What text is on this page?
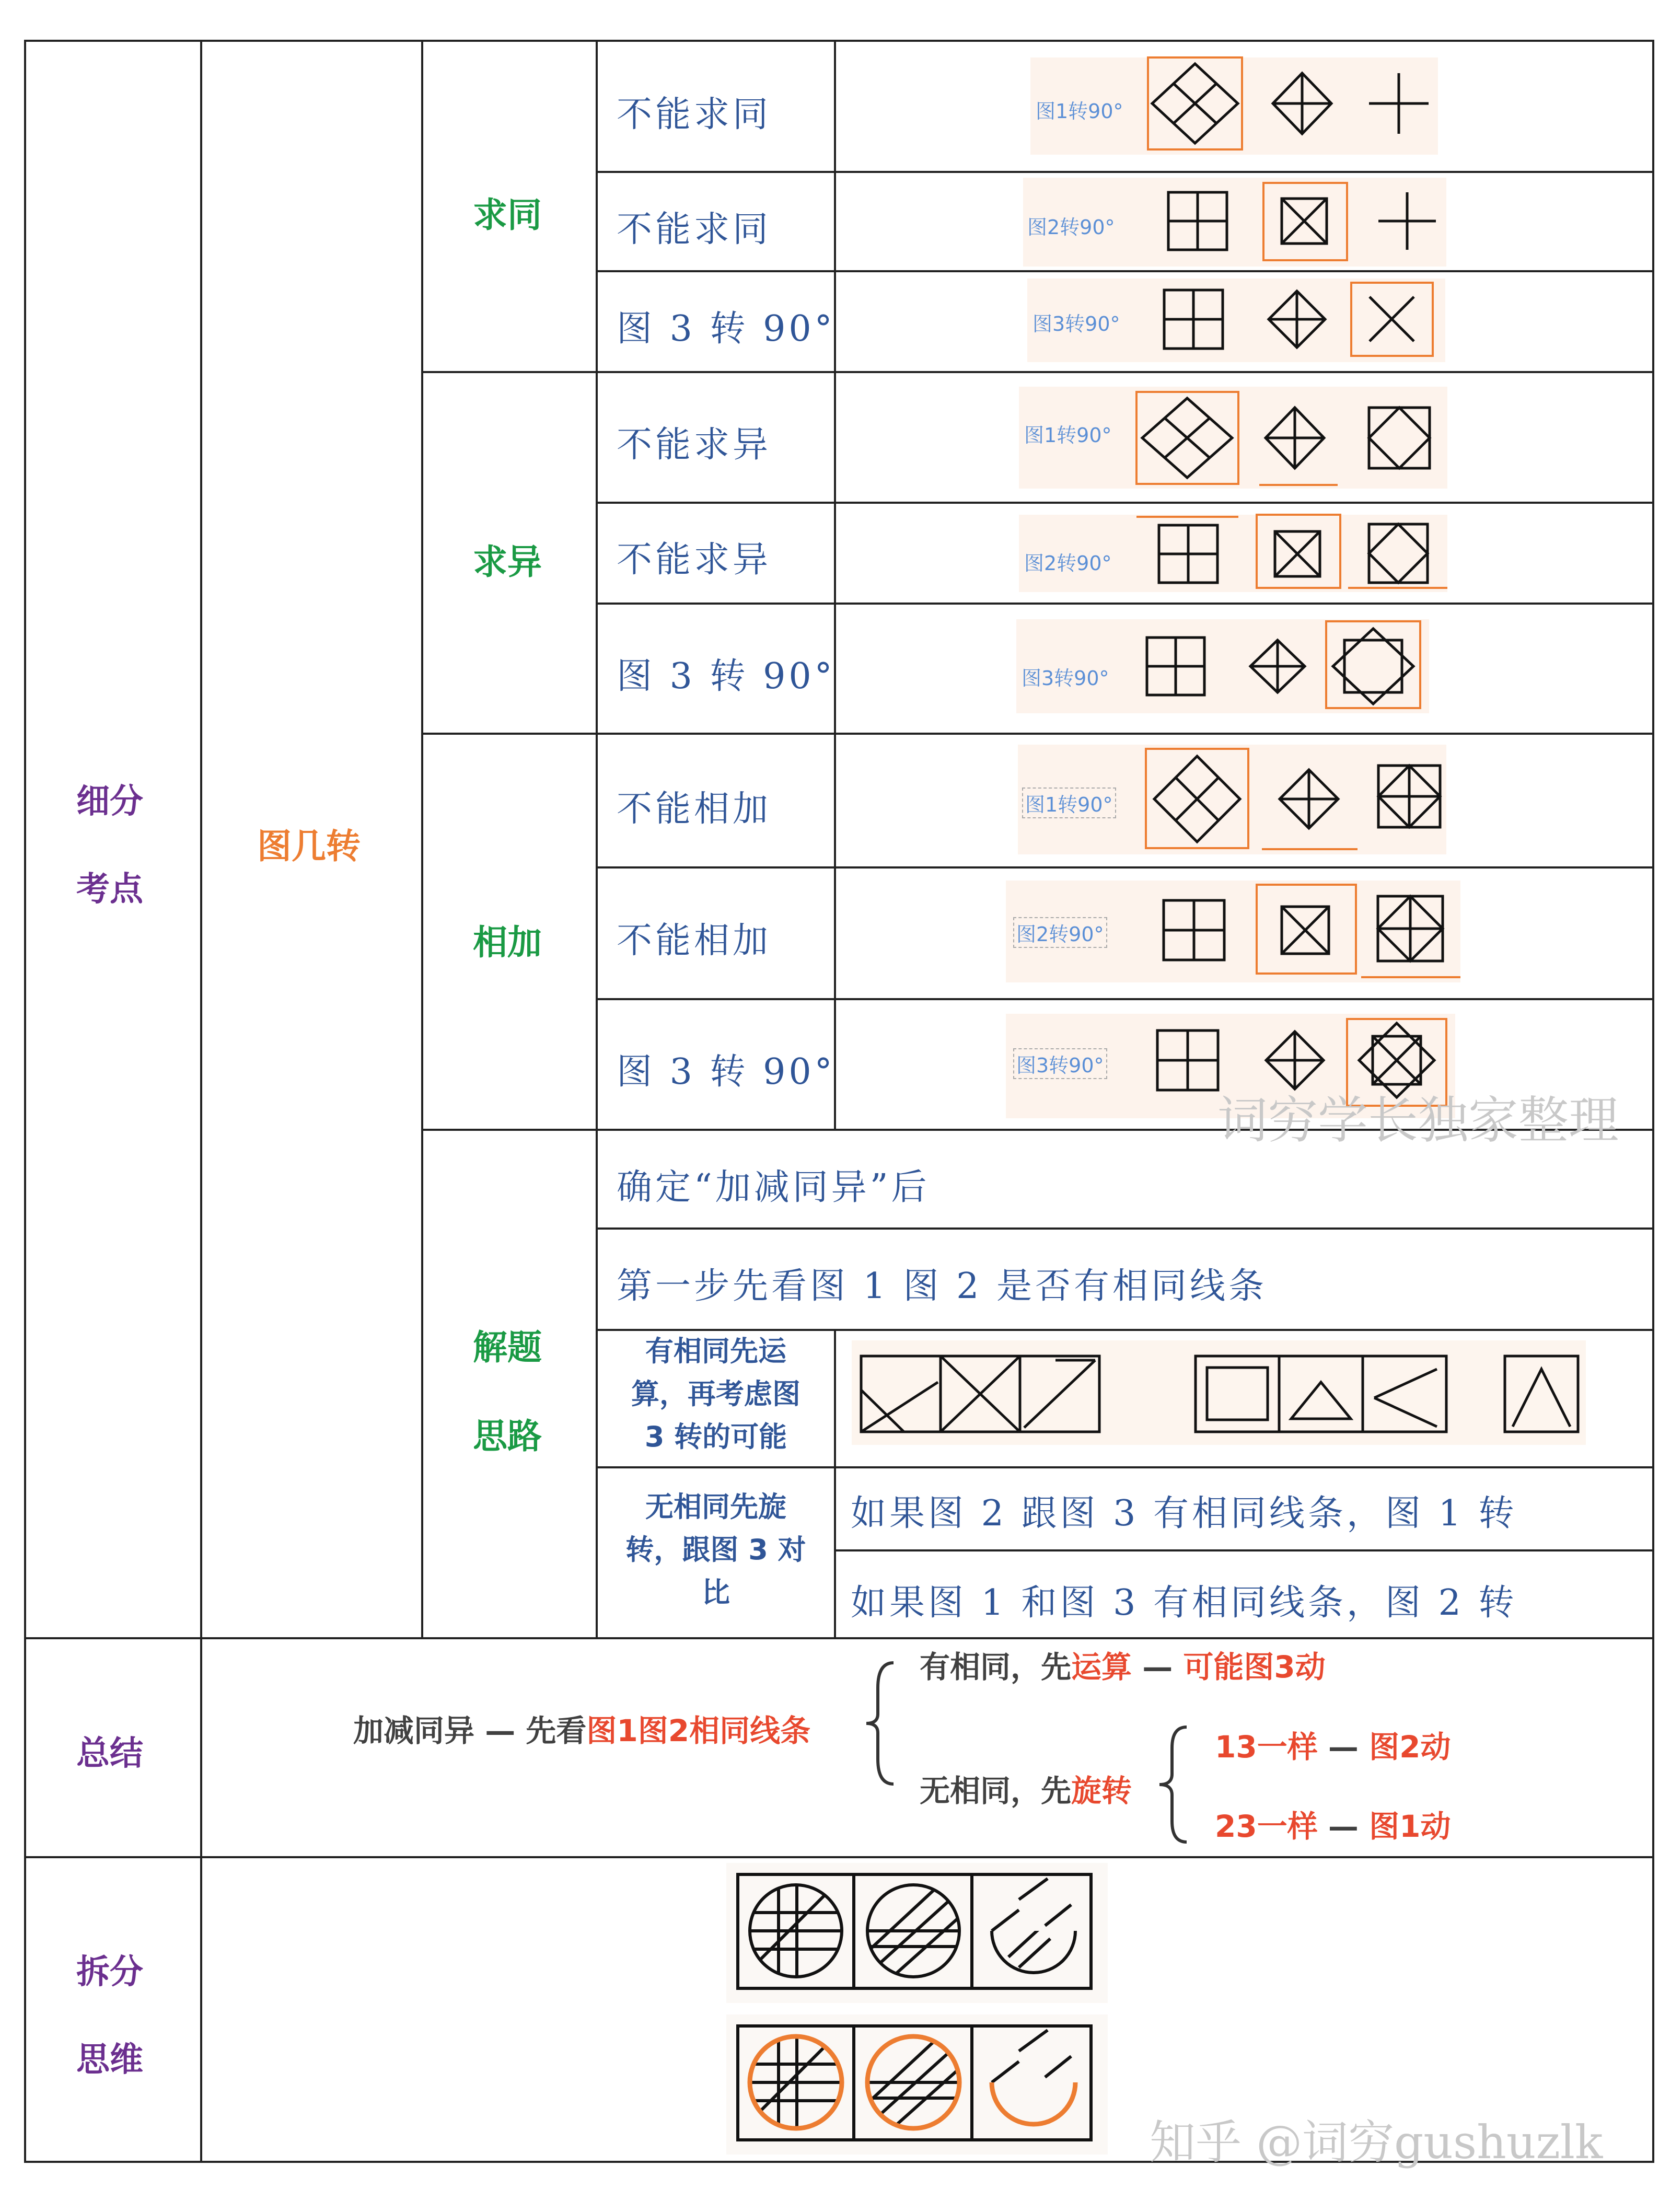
细分
考点
总结
拆分
思维
图几转
求同
求异
相加
解题
思路
不能求同
不能求同
图 3 转 90°
不能求异
不能求异
图 3 转 90°
不能相加
不能相加
图 3 转 90°
图1转90°
图2转90°
图3转90°
图1转90°
图2转90°
图3转90°
图1转90°
图2转90°
图3转90°
词穷学长独家整理
确定“加减同异”后
第一步先看图 1 图 2 是否有相同线条
有相同先运
算，再考虑图
3 转的可能
无相同先旋
转，跟图 3 对
比
如果图 2 跟图 3 有相同线条，图 1 转
如果图 1 和图 3 有相同线条，图 2 转
加减同异 — 先看图1图2相同线条
有相同，先运算 — 可能图3动
无相同，先旋转
13一样 — 图2动
23一样 — 图1动
知乎 @词穷gushuzlk
